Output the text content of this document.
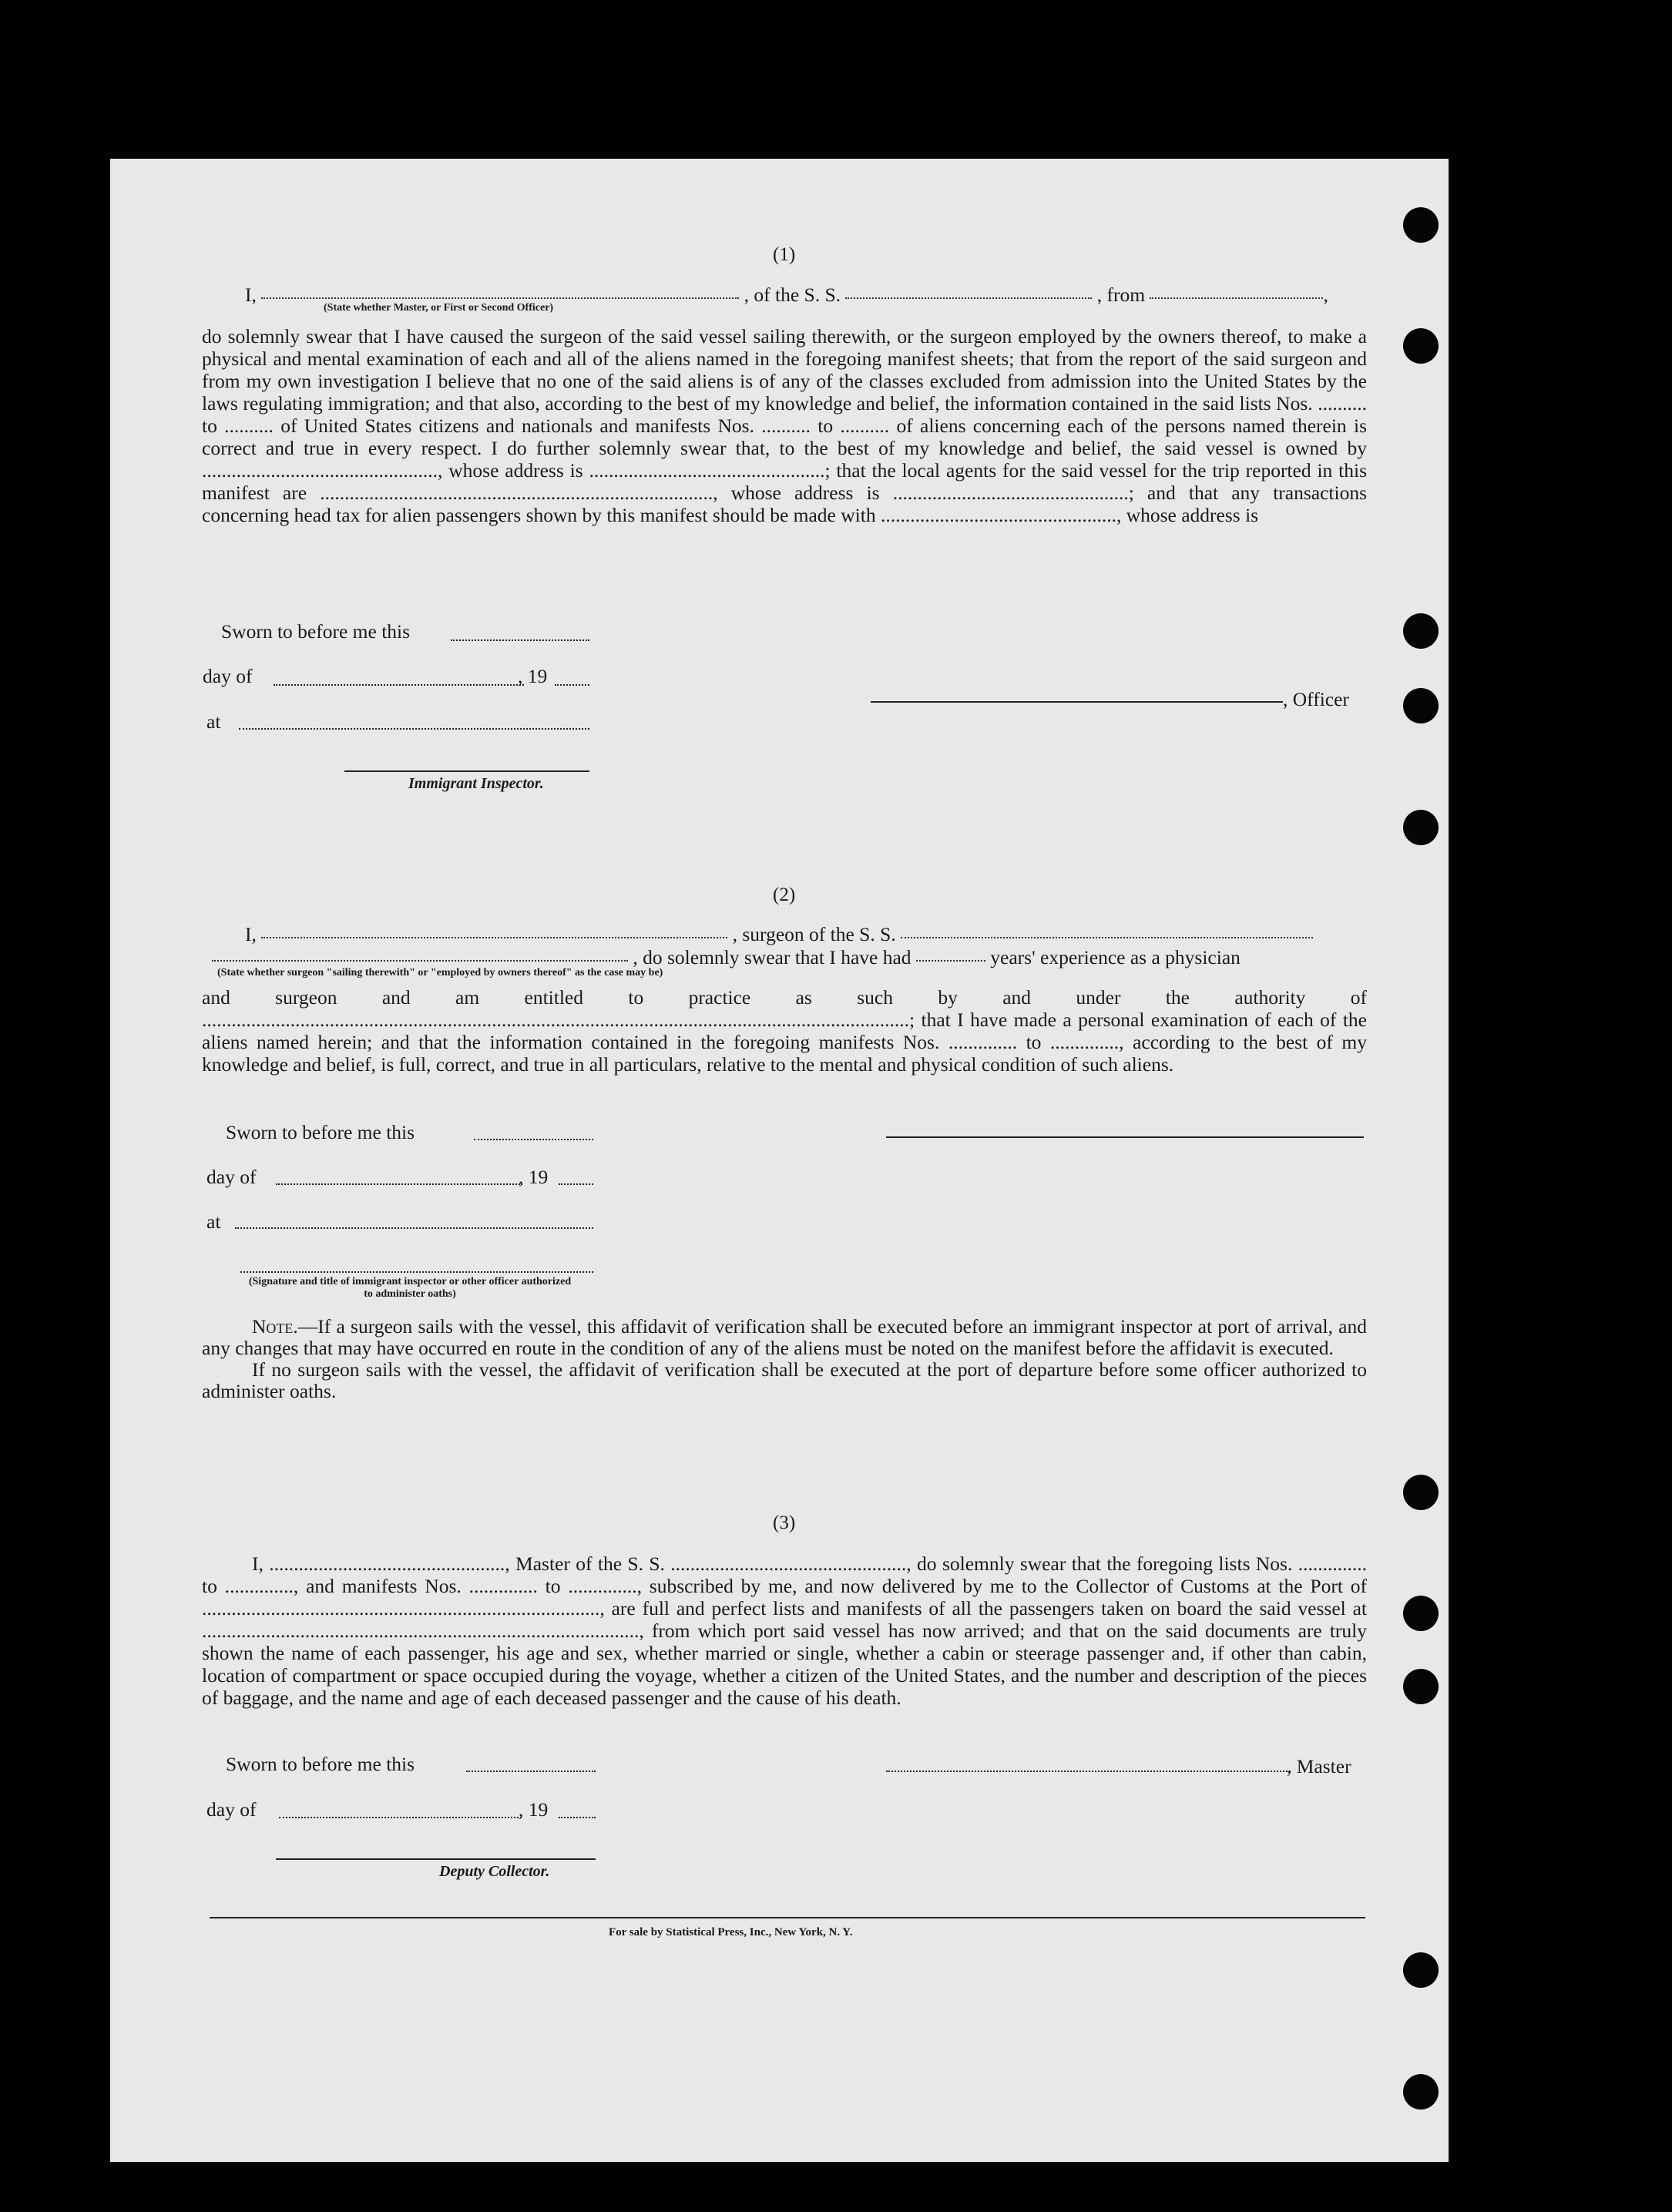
(1)
I,	, of the S. S.	, from	,
(State whether Master, or First or Second Officer)

do solemnly swear that I have caused the surgeon of the said vessel sailing therewith, or the surgeon employed by the owners thereof, to make a physical and mental examination of each and all of the aliens named in the foregoing manifest sheets; that from the report of the said surgeon and from my own investigation I believe that no one of the said aliens is of any of the classes excluded from admission into the United States by the laws regulating immigration; and that also, according to the best of my knowledge and belief, the information contained in the said lists Nos. .......... to .......... of United States citizens and nationals and manifests Nos. .......... to .......... of aliens concerning each of the persons named therein is correct and true in every respect. I do further solemnly swear that, to the best of my knowledge and belief, the said vessel is owned by ................................................, whose address is ................................................; that the local agents for the said vessel for the trip reported in this manifest are ................................................................................, whose address is ................................................; and that any transactions concerning head tax for alien passengers shown by this manifest should be made with ................................................, whose address is

Sworn to before me this
day of	, 19
at
Immigrant Inspector.
, Officer
(2)
I,	, surgeon of the S. S.
, do solemnly swear that I have had	years' experience as a physician
(State whether surgeon "sailing therewith" or "employed by owners thereof" as the case may be)

and surgeon and am entitled to practice as such by and under the authority of ................................................................................................................................................; that I have made a personal examination of each of the aliens named herein; and that the information contained in the foregoing manifests Nos. .............. to .............., according to the best of my knowledge and belief, is full, correct, and true in all particulars, relative to the mental and physical condition of such aliens.

Sworn to before me this
day of	, 19
at
(Signature and title of immigrant inspector or other officer authorized to administer oaths)

Note.—If a surgeon sails with the vessel, this affidavit of verification shall be executed before an immigrant inspector at port of arrival, and any changes that may have occurred en route in the condition of any of the aliens must be noted on the manifest before the affidavit is executed.

If no surgeon sails with the vessel, the affidavit of verification shall be executed at the port of departure before some officer authorized to administer oaths.

(3)

I, ................................................, Master of the S. S. ................................................, do solemnly swear that the foregoing lists Nos. .............. to .............., and manifests Nos. .............. to .............., subscribed by me, and now delivered by me to the Collector of Customs at the Port of ................................................................................., are full and perfect lists and manifests of all the passengers taken on board the said vessel at ........................................................................................., from which port said vessel has now arrived; and that on the said documents are truly shown the name of each passenger, his age and sex, whether married or single, whether a cabin or steerage passenger and, if other than cabin, location of compartment or space occupied during the voyage, whether a citizen of the United States, and the number and description of the pieces of baggage, and the name and age of each deceased passenger and the cause of his death.

Sworn to before me this
day of	, 19
Deputy Collector.
, Master
For sale by Statistical Press, Inc., New York, N. Y.
